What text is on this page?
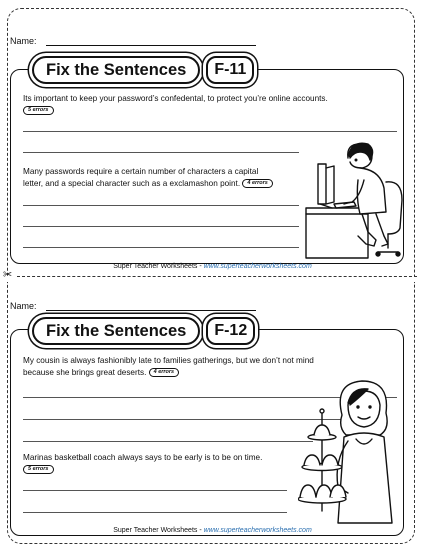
Name:
Fix the Sentences	F-11
Its important to keep your password’s confedental, to protect you’re online accounts.
5 errors
Many passwords require a certain number of characters a capital
letter, and a special character such as a exclamashon point. 4 errors
Super Teacher Worksheets - www.superteacherworksheets.com
✂
Name:
Fix the Sentences	F-12
My cousin is always fashionibly late to families gatherings, but we don’t not mind
because she brings great deserts. 4 errors
Marinas basketball coach always says to be early is to be on time.
5 errors
Super Teacher Worksheets - www.superteacherworksheets.com
